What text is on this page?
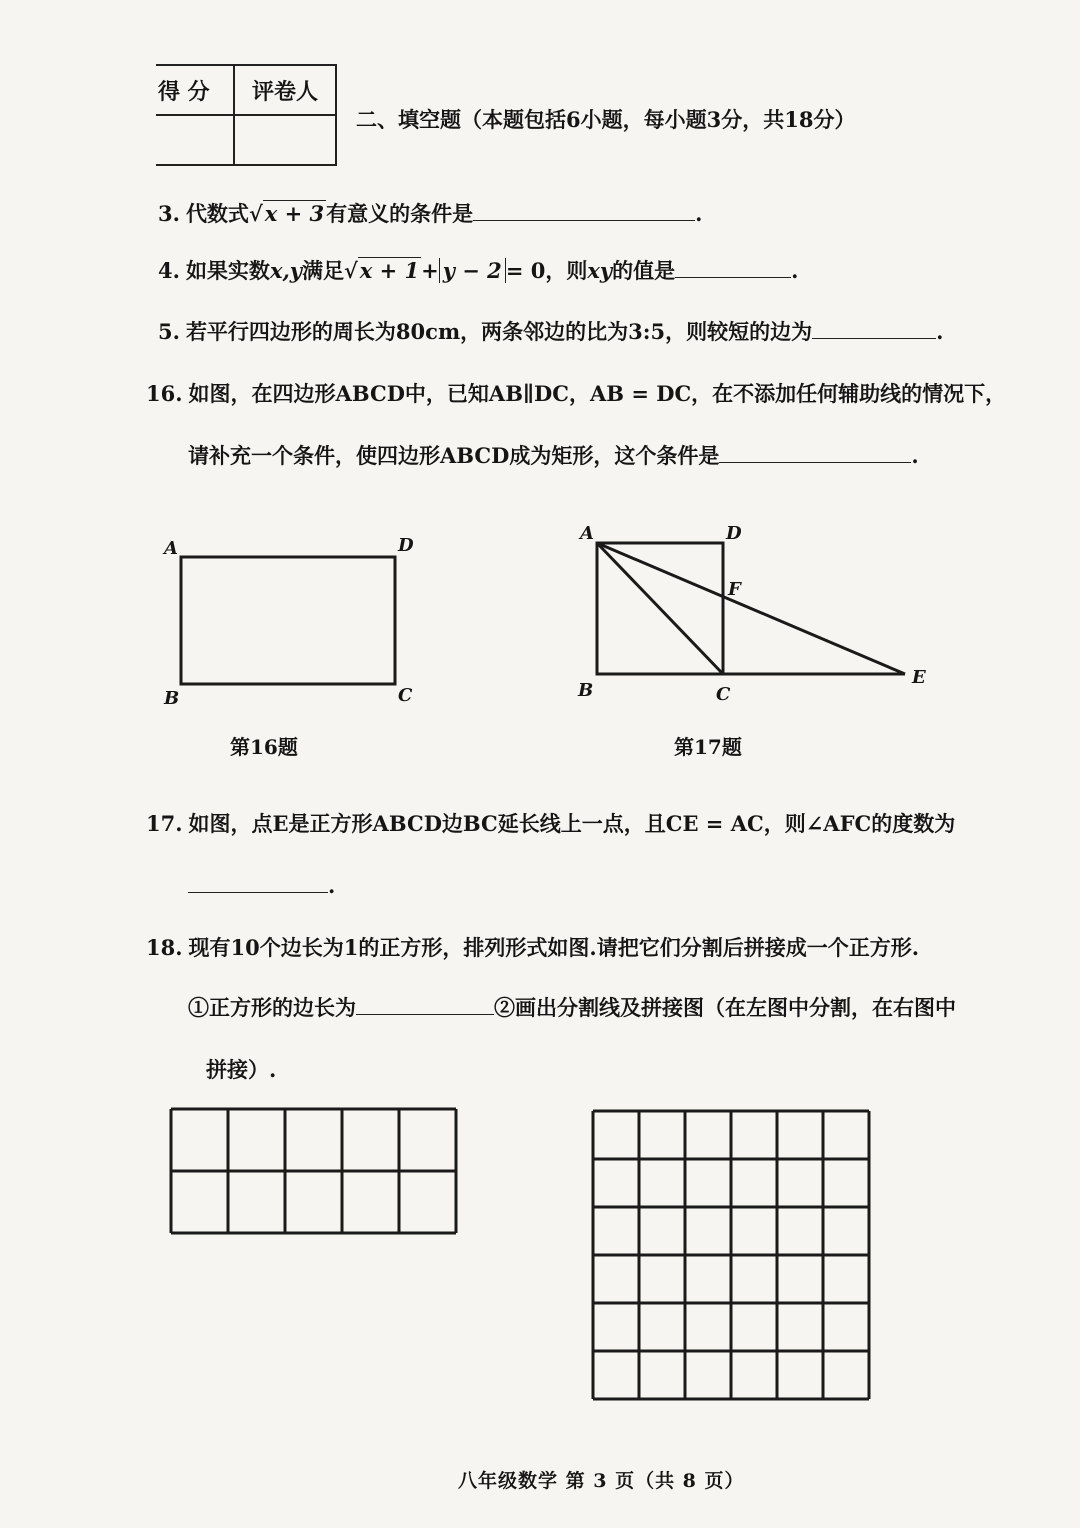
得 分	评卷人

二、填空题（本题包括6小题，每小题3分，共18分）
3. 代数式√x + 3有意义的条件是	.
4. 如果实数x,y满足√x + 1+ y − 2 = 0，则xy的值是	.
5. 若平行四边形的周长为80cm，两条邻边的比为3:5，则较短的边为	.
16. 如图，在四边形ABCD中，已知AB∥DC，AB = DC，在不添加任何辅助线的情况下，
请补充一个条件，使四边形ABCD成为矩形，这个条件是	.
A	D
B	C
第16题
A	D
F
B	C
E
第17题
17. 如图，点E是正方形ABCD边BC延长线上一点，且CE = AC，则∠AFC的度数为
.
18. 现有10个边长为1的正方形，排列形式如图.请把它们分割后拼接成一个正方形.
①正方形的边长为	②画出分割线及拼接图（在左图中分割，在右图中
拼接）.
八年级数学 第 3 页（共 8 页）
